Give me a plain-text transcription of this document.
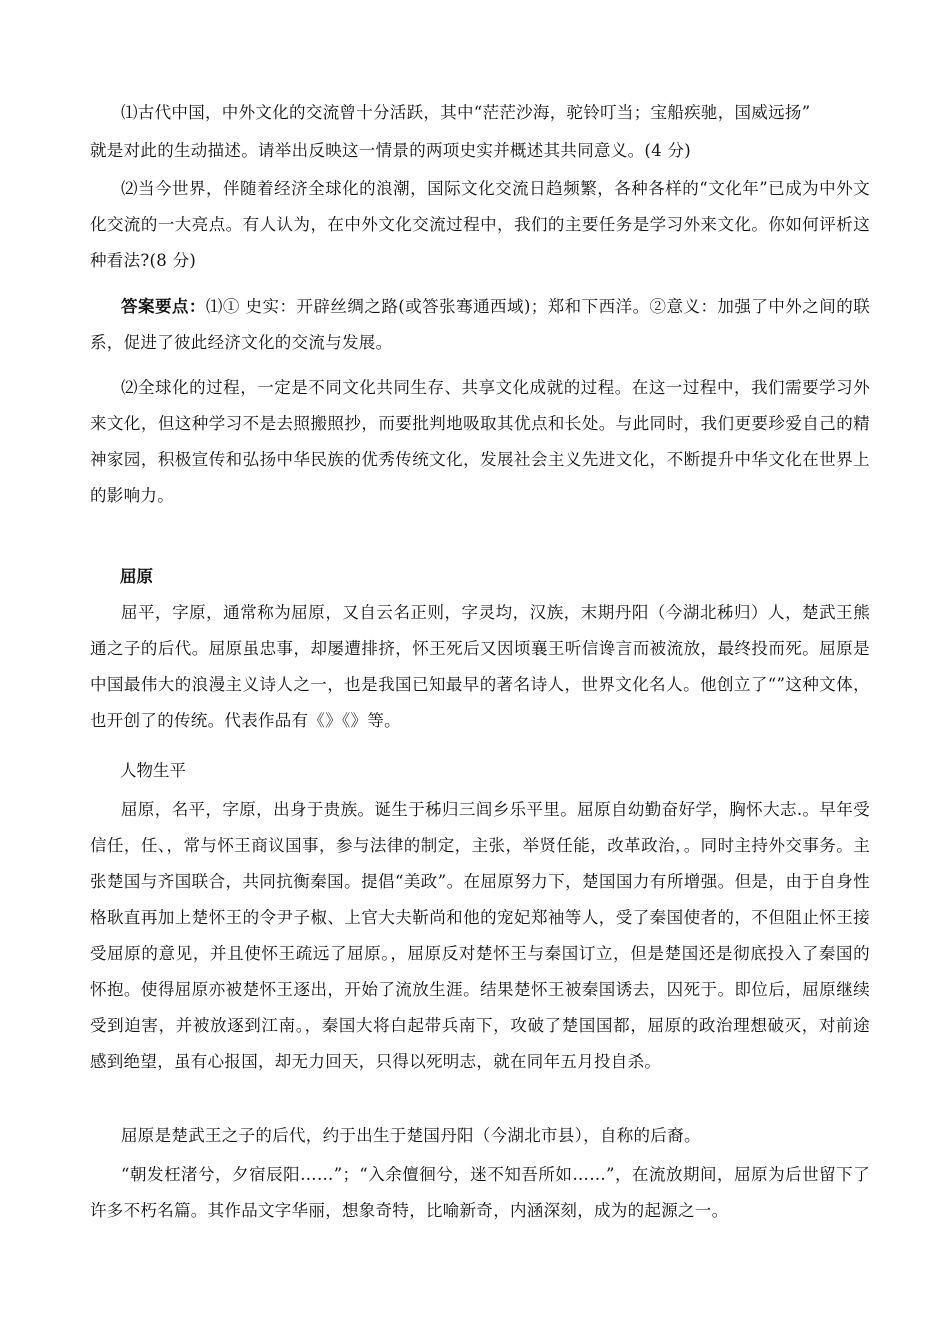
⑴古代中国，中外文化的交流曾十分活跃，其中“茫茫沙海，驼铃叮当；宝船疾驰，国威远扬”

就是对此的生动描述。请举出反映这一情景的两项史实并概述其共同意义。(4 分)

⑵当今世界，伴随着经济全球化的浪潮，国际文化交流日趋频繁，各种各样的“文化年”已成为中外文化交流的一大亮点。有人认为，在中外文化交流过程中，我们的主要任务是学习外来文化。你如何评析这种看法?(8 分)

答案要点：⑴① 史实：开辟丝绸之路(或答张骞通西域)；郑和下西洋。②意义：加强了中外之间的联系，促进了彼此经济文化的交流与发展。

⑵全球化的过程，一定是不同文化共同生存、共享文化成就的过程。在这一过程中，我们需要学习外来文化，但这种学习不是去照搬照抄，而要批判地吸取其优点和长处。与此同时，我们更要珍爱自己的精神家园，积极宣传和弘扬中华民族的优秀传统文化，发展社会主义先进文化，不断提升中华文化在世界上的影响力。

屈原

屈平，字原，通常称为屈原，又自云名正则，字灵均，汉族，末期丹阳（今湖北秭归）人，楚武王熊通之子的后代。屈原虽忠事，却屡遭排挤，怀王死后又因顷襄王听信谗言而被流放，最终投而死。屈原是中国最伟大的浪漫主义诗人之一，也是我国已知最早的著名诗人，世界文化名人。他创立了“”这种文体，也开创了的传统。代表作品有《》《》等。

人物生平

屈原，名平，字原，出身于贵族。诞生于秭归三闾乡乐平里。屈原自幼勤奋好学，胸怀大志.。早年受信任，任、，常与怀王商议国事，参与法律的制定，主张，举贤任能，改革政治，。同时主持外交事务。主张楚国与齐国联合，共同抗衡秦国。提倡“美政”。在屈原努力下，楚国国力有所增强。但是，由于自身性格耿直再加上楚怀王的令尹子椒、上官大夫靳尚和他的宠妃郑袖等人，受了秦国使者的，不但阻止怀王接受屈原的意见，并且使怀王疏远了屈原。，屈原反对楚怀王与秦国订立，但是楚国还是彻底投入了秦国的怀抱。使得屈原亦被楚怀王逐出，开始了流放生涯。结果楚怀王被秦国诱去，囚死于。即位后，屈原继续受到迫害，并被放逐到江南。，秦国大将白起带兵南下，攻破了楚国国都，屈原的政治理想破灭，对前途感到绝望，虽有心报国，却无力回天，只得以死明志，就在同年五月投自杀。

屈原是楚武王之子的后代，约于出生于楚国丹阳（今湖北市县），自称的后裔。

“朝发枉渚兮，夕宿辰阳……”；“入余儃徊兮，迷不知吾所如……”，在流放期间，屈原为后世留下了许多不朽名篇。其作品文字华丽，想象奇特，比喻新奇，内涵深刻，成为的起源之一。
